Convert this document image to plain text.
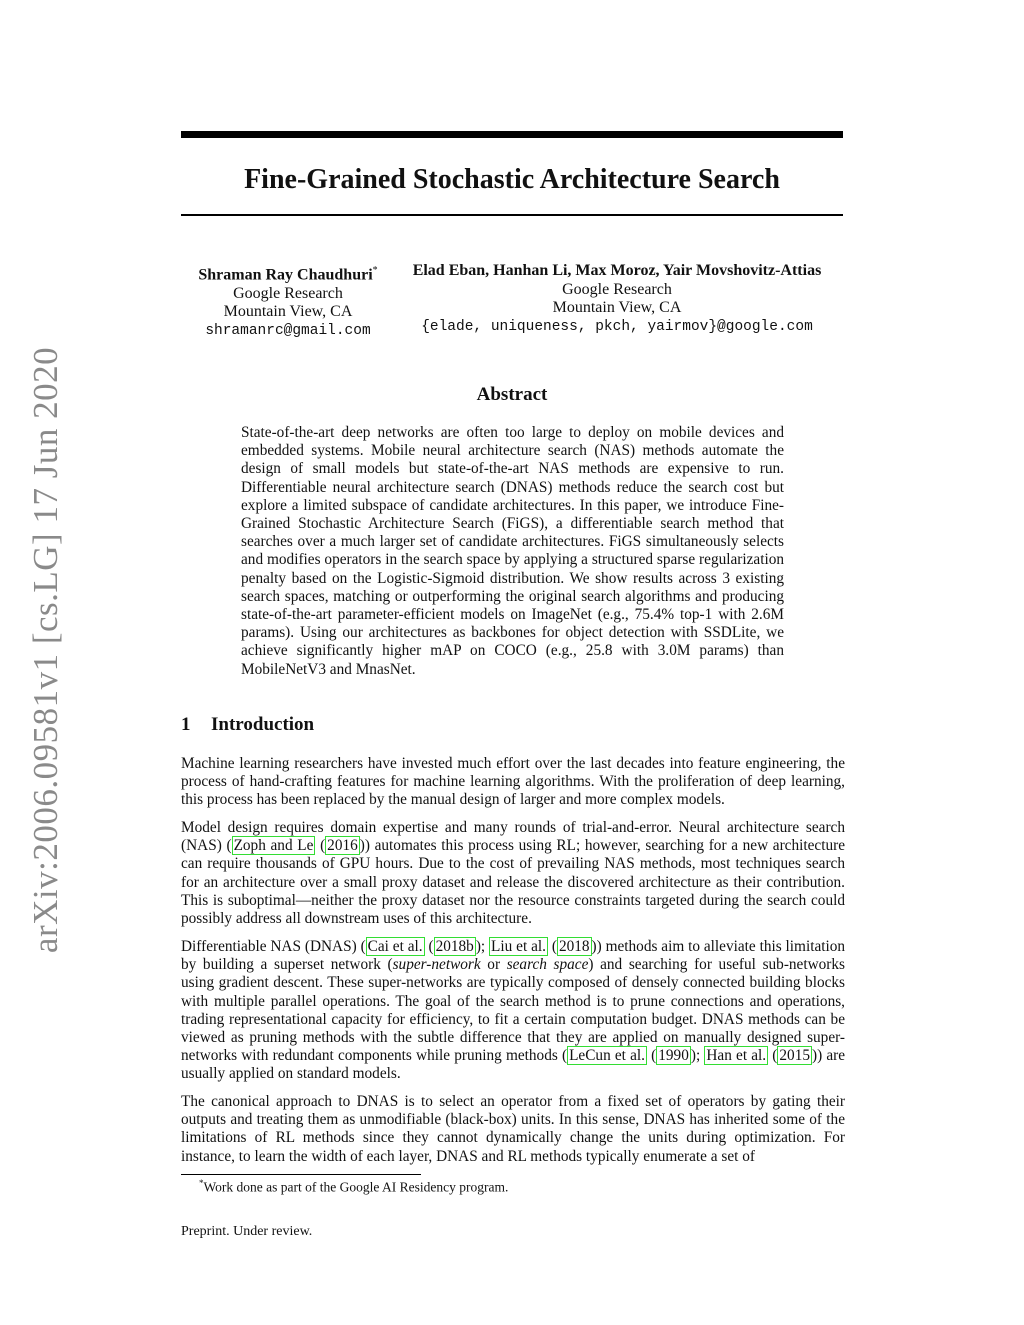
arXiv:2006.09581v1 [cs.LG] 17 Jun 2020
Fine-Grained Stochastic Architecture Search
Shraman Ray Chaudhuri*
Google Research
Mountain View, CA
shramanrc@gmail.com
Elad Eban, Hanhan Li, Max Moroz, Yair Movshovitz-Attias
Google Research
Mountain View, CA
{elade, uniqueness, pkch, yairmov}@google.com
Abstract

State-of-the-art deep networks are often too large to deploy on mobile devices and embedded systems. Mobile neural architecture search (NAS) methods automate the design of small models but state-of-the-art NAS methods are expensive to run. Differentiable neural architecture search (DNAS) methods reduce the search cost but explore a limited subspace of candidate architectures. In this paper, we introduce Fine-Grained Stochastic Architecture Search (FiGS), a differentiable search method that searches over a much larger set of candidate architectures. FiGS simultaneously selects and modifies operators in the search space by applying a structured sparse regularization penalty based on the Logistic-Sigmoid distribution. We show results across 3 existing search spaces, matching or outperforming the original search algorithms and producing state-of-the-art parameter-efficient models on ImageNet (e.g., 75.4% top-1 with 2.6M params). Using our architectures as backbones for object detection with SSDLite, we achieve significantly higher mAP on COCO (e.g., 25.8 with 3.0M params) than MobileNetV3 and MnasNet.

1 Introduction

Machine learning researchers have invested much effort over the last decades into feature engineering, the process of hand-crafting features for machine learning algorithms. With the proliferation of deep learning, this process has been replaced by the manual design of larger and more complex models.

Model design requires domain expertise and many rounds of trial-and-error. Neural architecture search (NAS) ( Zoph and Le ( 2016 )) automates this process using RL; however, searching for a new architecture can require thousands of GPU hours. Due to the cost of prevailing NAS methods, most techniques search for an architecture over a small proxy dataset and release the discovered architecture as their contribution. This is suboptimal—neither the proxy dataset nor the resource constraints targeted during the search could possibly address all downstream uses of this architecture.

Differentiable NAS (DNAS) ( Cai et al. ( 2018b ); Liu et al. ( 2018 )) methods aim to alleviate this limitation by building a superset network (super-network or search space) and searching for useful sub-networks using gradient descent. These super-networks are typically composed of densely connected building blocks with multiple parallel operations. The goal of the search method is to prune connections and operations, trading representational capacity for efficiency, to fit a certain computation budget. DNAS methods can be viewed as pruning methods with the subtle difference that they are applied on manually designed super-networks with redundant components while pruning methods ( LeCun et al. ( 1990 ); Han et al. ( 2015 )) are usually applied on standard models.

The canonical approach to DNAS is to select an operator from a fixed set of operators by gating their outputs and treating them as unmodifiable (black-box) units. In this sense, DNAS has inherited some of the limitations of RL methods since they cannot dynamically change the units during optimization. For instance, to learn the width of each layer, DNAS and RL methods typically enumerate a set of

*Work done as part of the Google AI Residency program.

Preprint. Under review.
